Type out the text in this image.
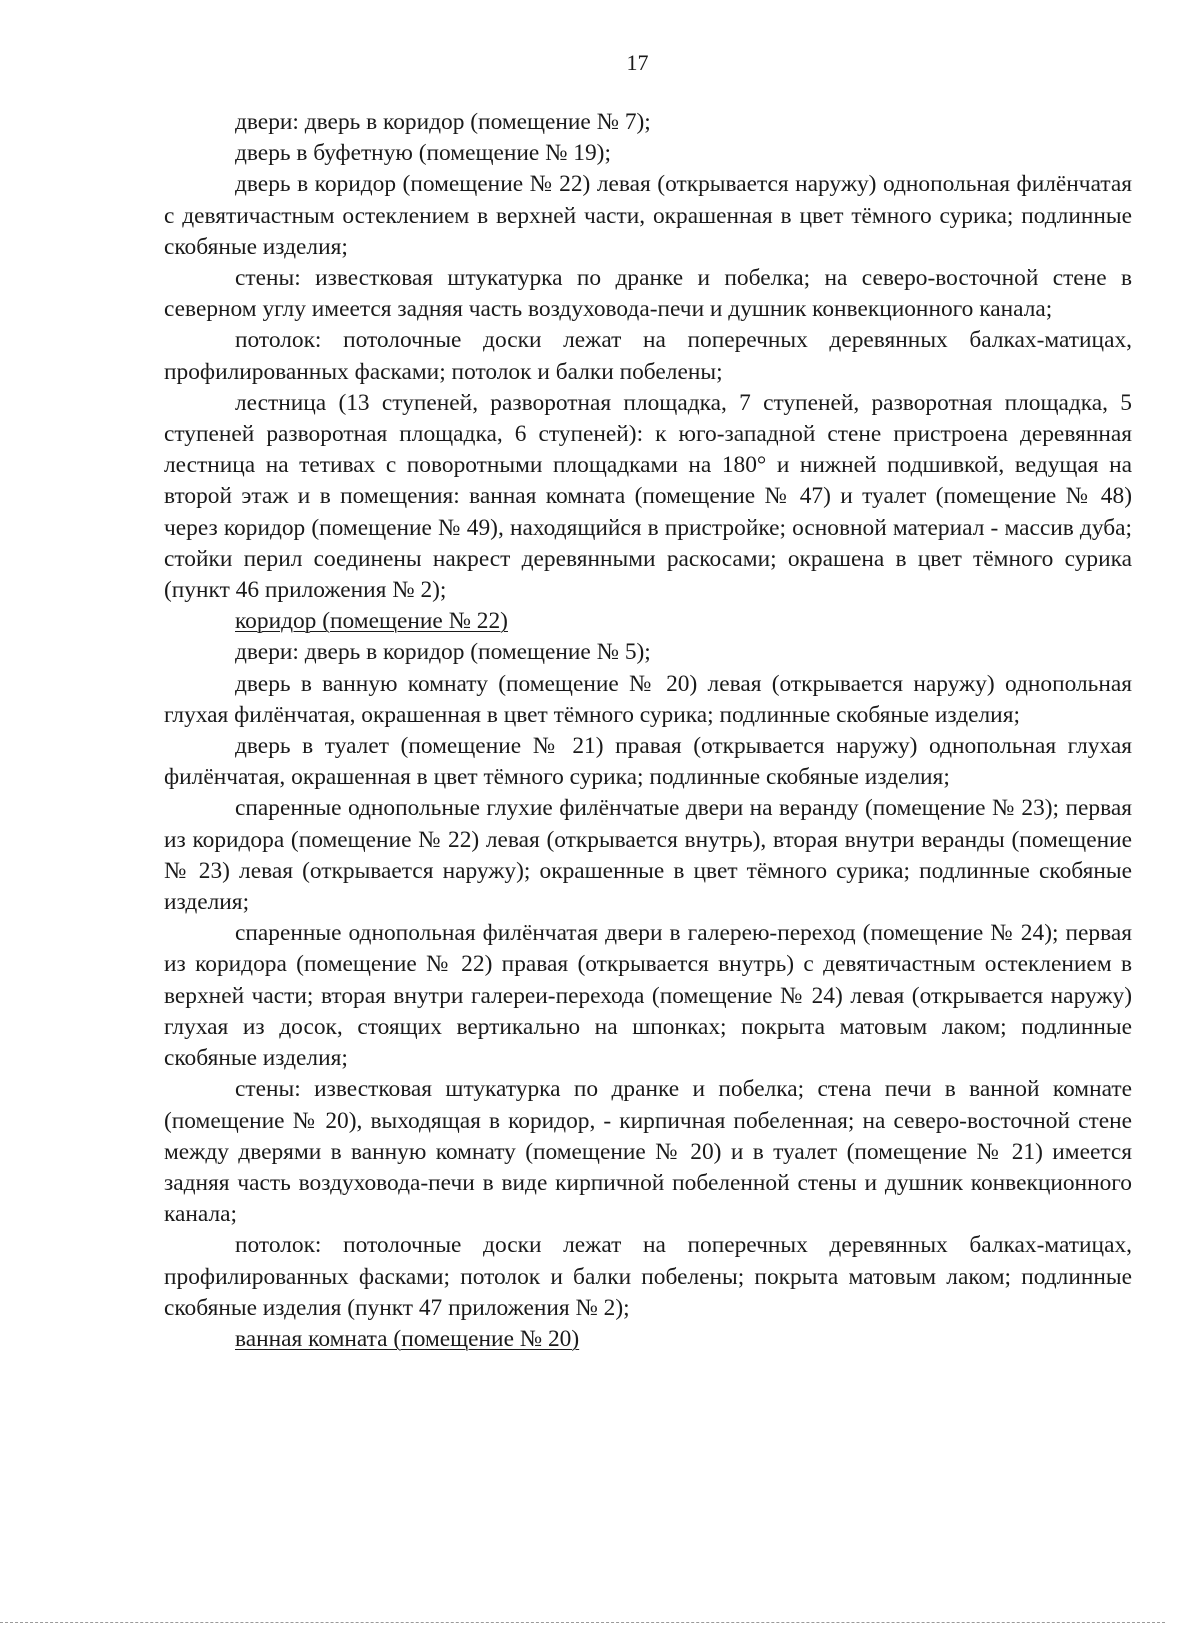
17

двери: дверь в коридор (помещение № 7);

дверь в буфетную (помещение № 19);

дверь в коридор (помещение № 22) левая (открывается наружу) однопольная филёнчатая с девятичастным остеклением в верхней части, окрашенная в цвет тёмного сурика; подлинные скобяные изделия;

стены: известковая штукатурка по дранке и побелка; на северо-восточной стене в северном углу имеется задняя часть воздуховода-печи и душник конвекционного канала;

потолок: потолочные доски лежат на поперечных деревянных балках-матицах, профилированных фасками; потолок и балки побелены;

лестница (13 ступеней, разворотная площадка, 7 ступеней, разворотная площадка, 5 ступеней разворотная площадка, 6 ступеней): к юго-западной стене пристроена деревянная лестница на тетивах с поворотными площадками на 180° и нижней подшивкой, ведущая на второй этаж и в помещения: ванная комната (помещение № 47) и туалет (помещение № 48) через коридор (помещение № 49), находящийся в пристройке; основной материал - массив дуба; стойки перил соединены накрест деревянными раскосами; окрашена в цвет тёмного сурика (пункт 46 приложения № 2);

коридор (помещение № 22)

двери: дверь в коридор (помещение № 5);

дверь в ванную комнату (помещение № 20) левая (открывается наружу) однопольная глухая филёнчатая, окрашенная в цвет тёмного сурика; подлинные скобяные изделия;

дверь в туалет (помещение № 21) правая (открывается наружу) однопольная глухая филёнчатая, окрашенная в цвет тёмного сурика; подлинные скобяные изделия;

спаренные однопольные глухие филёнчатые двери на веранду (помещение № 23); первая из коридора (помещение № 22) левая (открывается внутрь), вторая внутри веранды (помещение № 23) левая (открывается наружу); окрашенные в цвет тёмного сурика; подлинные скобяные изделия;

спаренные однопольная филёнчатая двери в галерею-переход (помещение № 24); первая из коридора (помещение № 22) правая (открывается внутрь) с девятичастным остеклением в верхней части; вторая внутри галереи-перехода (помещение № 24) левая (открывается наружу) глухая из досок, стоящих вертикально на шпонках; покрыта матовым лаком; подлинные скобяные изделия;

стены: известковая штукатурка по дранке и побелка; стена печи в ванной комнате (помещение № 20), выходящая в коридор, - кирпичная побеленная; на северо-восточной стене между дверями в ванную комнату (помещение № 20) и в туалет (помещение № 21) имеется задняя часть воздуховода-печи в виде кирпичной побеленной стены и душник конвекционного канала;

потолок: потолочные доски лежат на поперечных деревянных балках-матицах, профилированных фасками; потолок и балки побелены; покрыта матовым лаком; подлинные скобяные изделия (пункт 47 приложения № 2);

ванная комната (помещение № 20)
